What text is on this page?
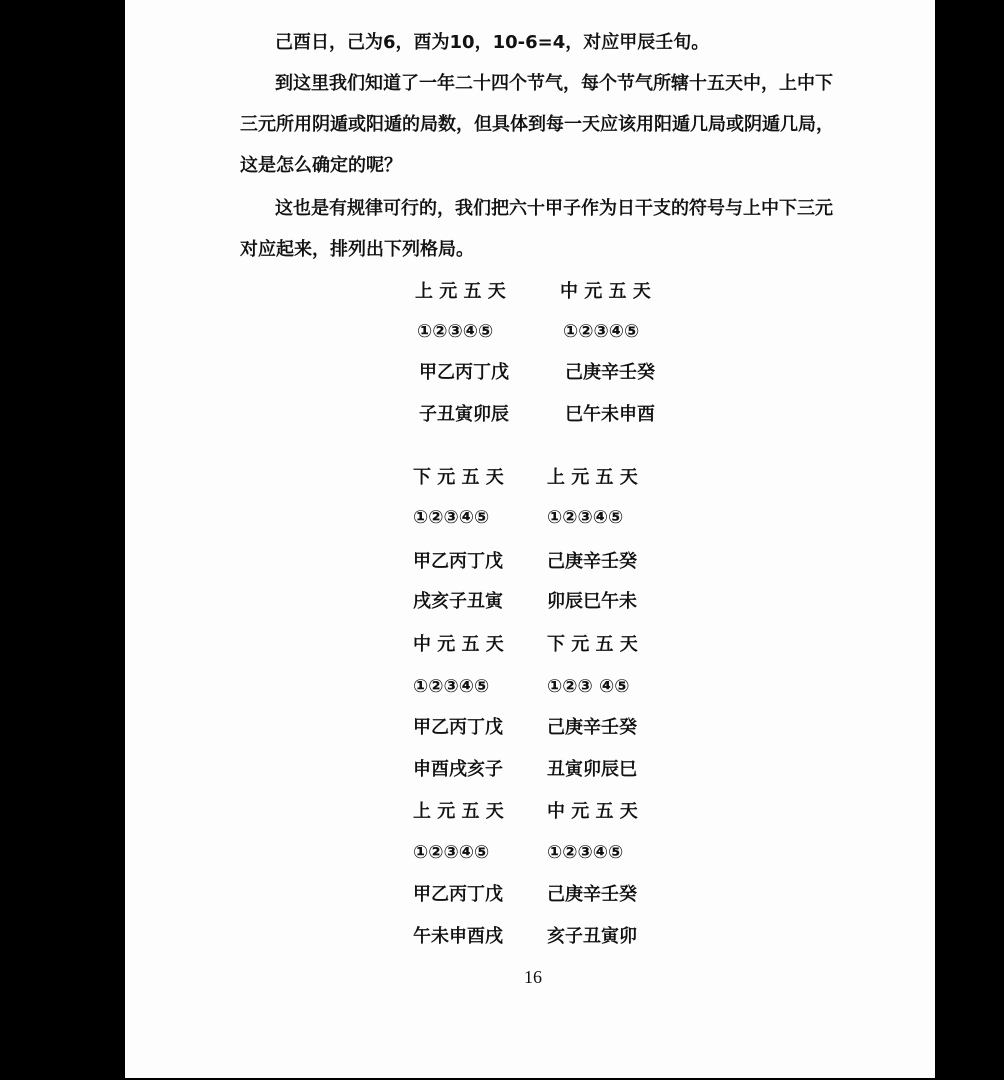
己酉日，己为6，酉为10，10-6=4，对应甲辰壬旬。
到这里我们知道了一年二十四个节气，每个节气所辖十五天中，上中下
三元所用阴遁或阳遁的局数，但具体到每一天应该用阳遁几局或阴遁几局，
这是怎么确定的呢？
这也是有规律可行的，我们把六十甲子作为日干支的符号与上中下三元
对应起来，排列出下列格局。
上 元 五 天
①②③④⑤
甲乙丙丁戊
子丑寅卯辰
中 元 五 天
①②③④⑤
己庚辛壬癸
巳午未申酉
下 元 五 天
①②③④⑤
甲乙丙丁戊
戌亥子丑寅
上 元 五 天
①②③④⑤
己庚辛壬癸
卯辰巳午未
中 元 五 天
①②③④⑤
甲乙丙丁戊
申酉戌亥子
下 元 五 天
①②③ ④⑤
己庚辛壬癸
丑寅卯辰巳
上 元 五 天
①②③④⑤
甲乙丙丁戊
午未申酉戌
中 元 五 天
①②③④⑤
己庚辛壬癸
亥子丑寅卯
16
